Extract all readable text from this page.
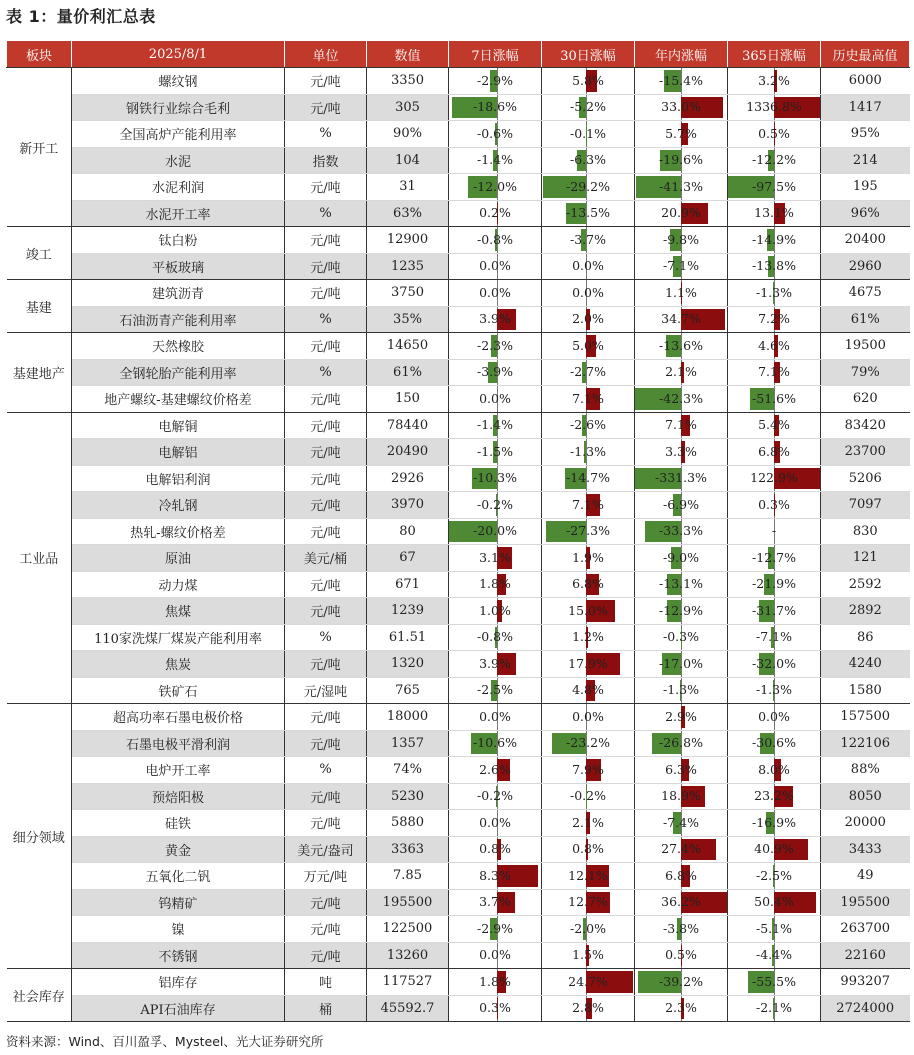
表 1：量价利汇总表
板块	2025/8/1	单位	数值	7日涨幅	30日涨幅	年内涨幅	365日涨幅	历史最高值
新开工	螺纹钢	元/吨	3350	-2.9%	5.8%	-15.4%	3.2%	6000
	钢铁行业综合毛利	元/吨	305	-18.6%	-5.2%	33.0%	1336.8%	1417
	全国高炉产能利用率	%	90%	-0.6%	-0.1%	5.7%	0.5%	95%
	水泥	指数	104	-1.4%	-6.3%	-19.6%	-12.2%	214
	水泥利润	元/吨	31	-12.0%	-29.2%	-41.3%	-97.5%	195
	水泥开工率	%	63%	0.2%	-13.5%	20.9%	13.1%	96%
竣工	钛白粉	元/吨	12900	-0.8%	-3.7%	-9.8%	-14.9%	20400
	平板玻璃	元/吨	1235	0.0%	0.0%	-7.1%	-13.8%	2960
基建	建筑沥青	元/吨	3750	0.0%	0.0%	1.1%	-1.3%	4675
	石油沥青产能利用率	%	35%	3.9%	2.0%	34.7%	7.2%	61%
基建地产	天然橡胶	元/吨	14650	-2.3%	5.0%	-13.6%	4.6%	19500
	全钢轮胎产能利用率	%	61%	-3.9%	-2.7%	2.1%	7.1%	79%
	地产螺纹-基建螺纹价格差	元/吨	150	0.0%	7.1%	-42.3%	-51.6%	620
工业品	电解铜	元/吨	78440	-1.4%	-2.6%	7.1%	5.4%	83420
	电解铝	元/吨	20490	-1.5%	-1.3%	3.3%	6.8%	23700
	电解铝利润	元/吨	2926	-10.3%	-14.7%	-331.3%	122.9%	5206
	冷轧钢	元/吨	3970	-0.2%	7.1%	-6.9%	0.3%	7097
	热轧-螺纹价格差	元/吨	80	-20.0%	-27.3%	-33.3%	-	830
	原油	美元/桶	67	3.1%	1.9%	-9.0%	-12.7%	121
	动力煤	元/吨	671	1.8%	6.8%	-13.1%	-21.9%	2592
	焦煤	元/吨	1239	1.0%	15.0%	-12.9%	-31.7%	2892
	110家洗煤厂煤炭产能利用率	%	61.51	-0.8%	1.2%	-0.3%	-7.1%	86
	焦炭	元/吨	1320	3.9%	17.9%	-17.0%	-32.0%	4240
	铁矿石	元/湿吨	765	-2.5%	4.8%	-1.3%	-1.3%	1580
细分领域	超高功率石墨电极价格	元/吨	18000	0.0%	0.0%	2.9%	0.0%	157500
	石墨电极平滑利润	元/吨	1357	-10.6%	-23.2%	-26.8%	-30.6%	122106
	电炉开工率	%	74%	2.6%	7.9%	6.3%	8.0%	88%
	预焙阳极	元/吨	5230	-0.2%	-0.2%	18.9%	23.2%	8050
	硅铁	元/吨	5880	0.0%	2.1%	-7.4%	-16.9%	20000
	黄金	美元/盎司	3363	0.8%	0.8%	27.4%	40.9%	3433
	五氧化二钒	万元/吨	7.85	8.3%	12.1%	6.8%	-2.5%	49
	钨精矿	元/吨	195500	3.7%	12.7%	36.2%	50.4%	195500
	镍	元/吨	122500	-2.9%	-2.0%	-3.8%	-5.1%	263700
	不锈钢	元/吨	13260	0.0%	1.5%	0.5%	-4.4%	22160
社会库存	铝库存	吨	117527	1.8%	24.7%	-39.2%	-55.5%	993207
	API石油库存	桶	45592.7	0.3%	2.8%	2.3%	-2.1%	2724000
资料来源：Wind、百川盈孚、Mysteel、光大证券研究所
